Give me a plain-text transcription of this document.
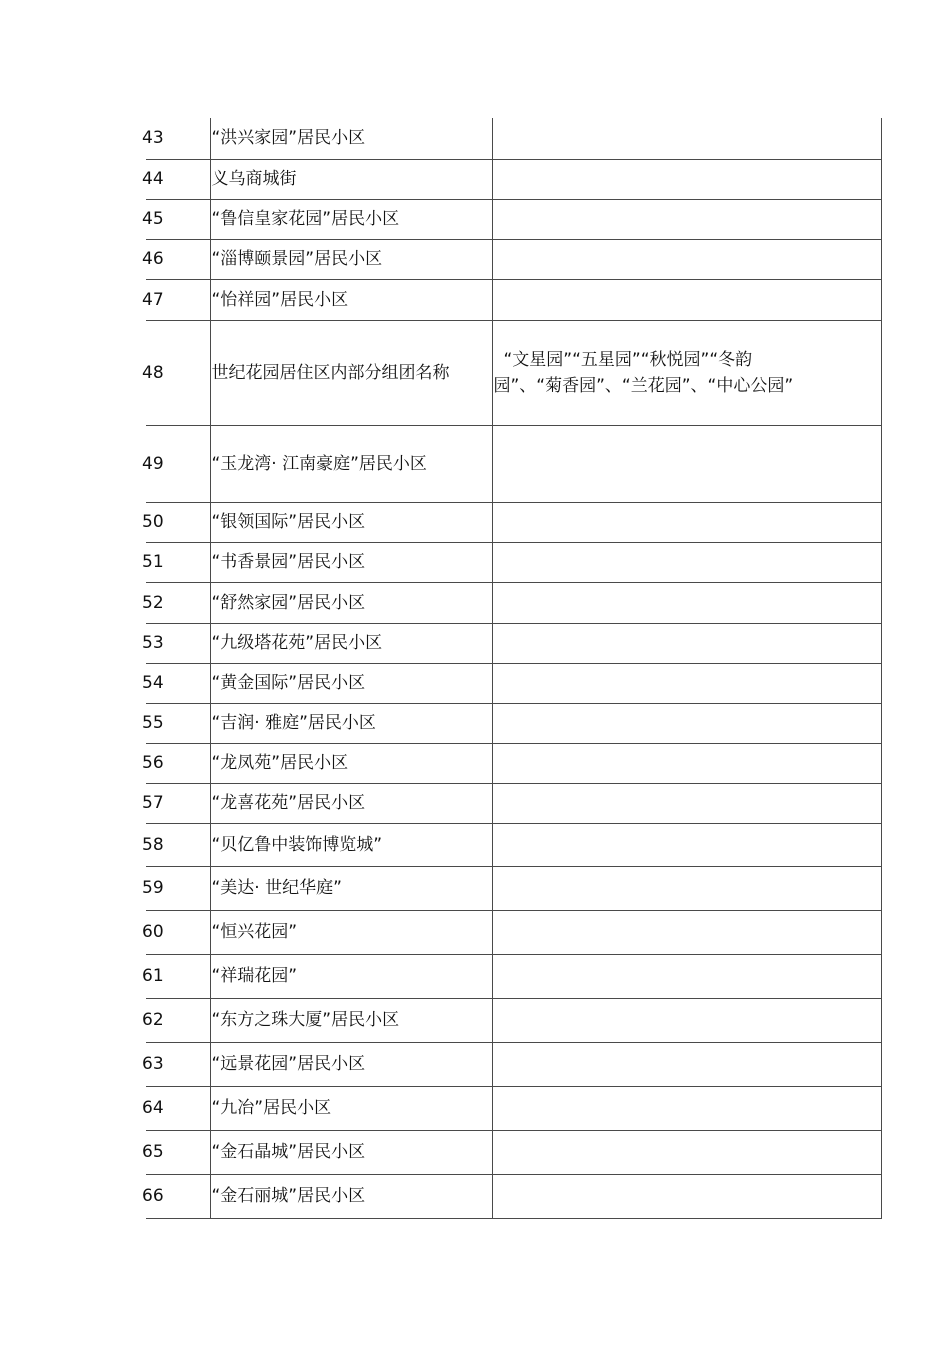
43	“洪兴家园”居民小区	
44	义乌商城街	
45	“鲁信皇家花园”居民小区	
46	“淄博颐景园”居民小区	
47	“怡祥园”居民小区	
48	世纪花园居住区内部分组团名称	“文星园”“五星园”“秋悦园”“冬韵
园”、“菊香园”、“兰花园”、“中心公园”

49	“玉龙湾· 江南豪庭”居民小区	
50	“银领国际”居民小区	
51	“书香景园”居民小区	
52	“舒然家园”居民小区	
53	“九级塔花苑”居民小区	
54	“黄金国际”居民小区	
55	“吉润· 雅庭”居民小区	
56	“龙凤苑”居民小区	
57	“龙喜花苑”居民小区	
58	“贝亿鲁中装饰博览城”	
59	“美达· 世纪华庭”	
60	“恒兴花园”	
61	“祥瑞花园”	
62	“东方之珠大厦”居民小区	
63	“远景花园”居民小区	
64	“九冶”居民小区	
65	“金石晶城”居民小区	
66	“金石丽城”居民小区	
